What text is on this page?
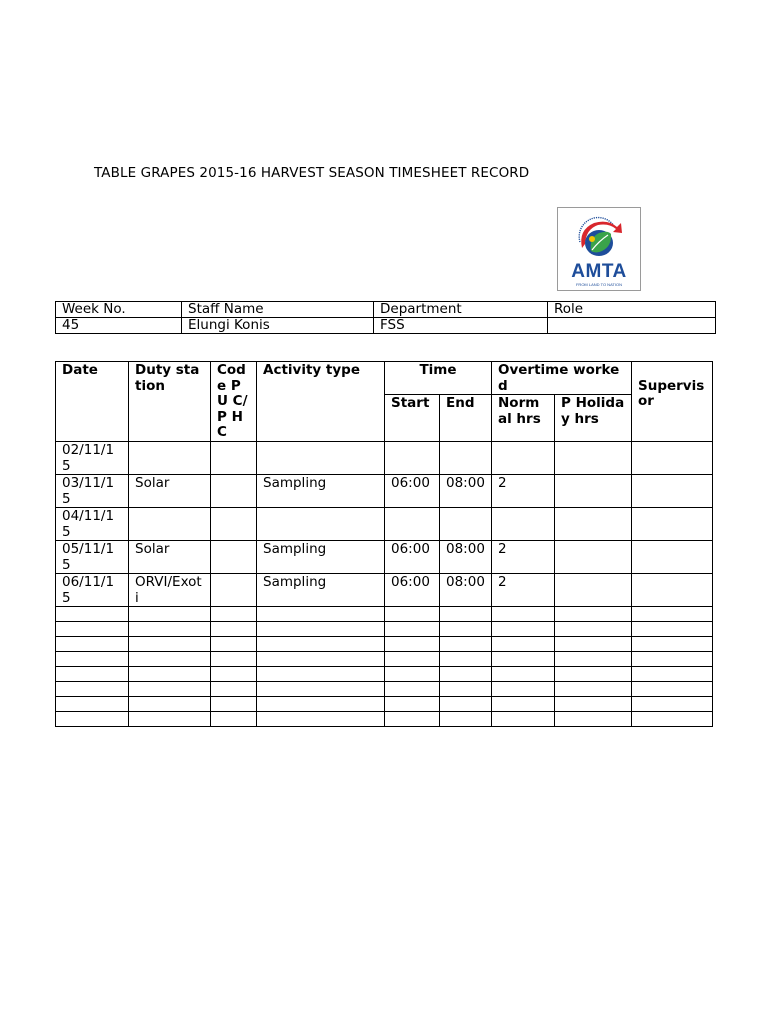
TABLE GRAPES 2015-16 HARVEST SEASON TIMESHEET RECORD
AMTA
FROM LAND TO NATION
Week No.	Staff Name	Department	Role
45	Elungi Konis	FSS	
Date	Duty station	Code PU C/P HC	Activity type	Time		Overtime worked		Supervisor
				Start	End	Normal hrs	P Holiday hrs	
02/11/15								
03/11/15	Solar		Sampling	06:00	08:00	2		
04/11/15								
05/11/15	Solar		Sampling	06:00	08:00	2		
06/11/15	ORVI/Exoti		Sampling	06:00	08:00	2		
